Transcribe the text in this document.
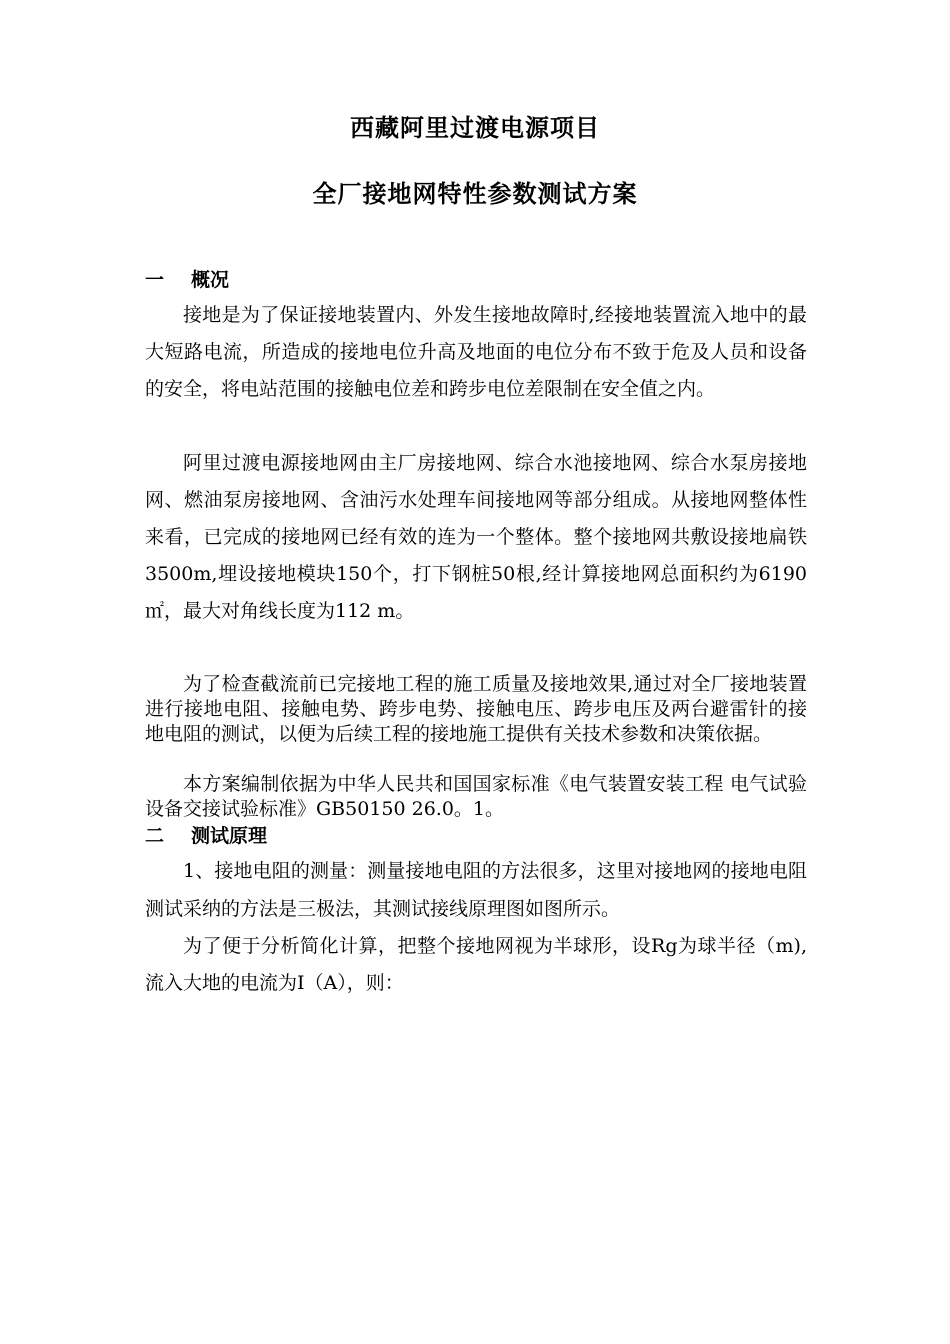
西藏阿里过渡电源项目
全厂接地网特性参数测试方案
一 概况

接地是为了保证接地装置内、外发生接地故障时,经接地装置流入地中的最大短路电流，所造成的接地电位升高及地面的电位分布不致于危及人员和设备的安全，将电站范围的接触电位差和跨步电位差限制在安全值之内。

阿里过渡电源接地网由主厂房接地网、综合水池接地网、综合水泵房接地网、燃油泵房接地网、含油污水处理车间接地网等部分组成。从接地网整体性来看，已完成的接地网已经有效的连为一个整体。整个接地网共敷设接地扁铁3500m,埋设接地模块150个，打下钢桩50根,经计算接地网总面积约为6190㎡，最大对角线长度为112 m。

为了检查截流前已完接地工程的施工质量及接地效果,通过对全厂接地装置进行接地电阻、接触电势、跨步电势、接触电压、跨步电压及两台避雷针的接地电阻的测试，以便为后续工程的接地施工提供有关技术参数和决策依据。

本方案编制依据为中华人民共和国国家标准《电气装置安装工程 电气试验设备交接试验标准》GB50150 26.0。1。

二 测试原理

1、接地电阻的测量：测量接地电阻的方法很多，这里对接地网的接地电阻测试采纳的方法是三极法，其测试接线原理图如图所示。

为了便于分析简化计算，把整个接地网视为半球形，设Rg为球半径（m),流入大地的电流为I（A），则：
